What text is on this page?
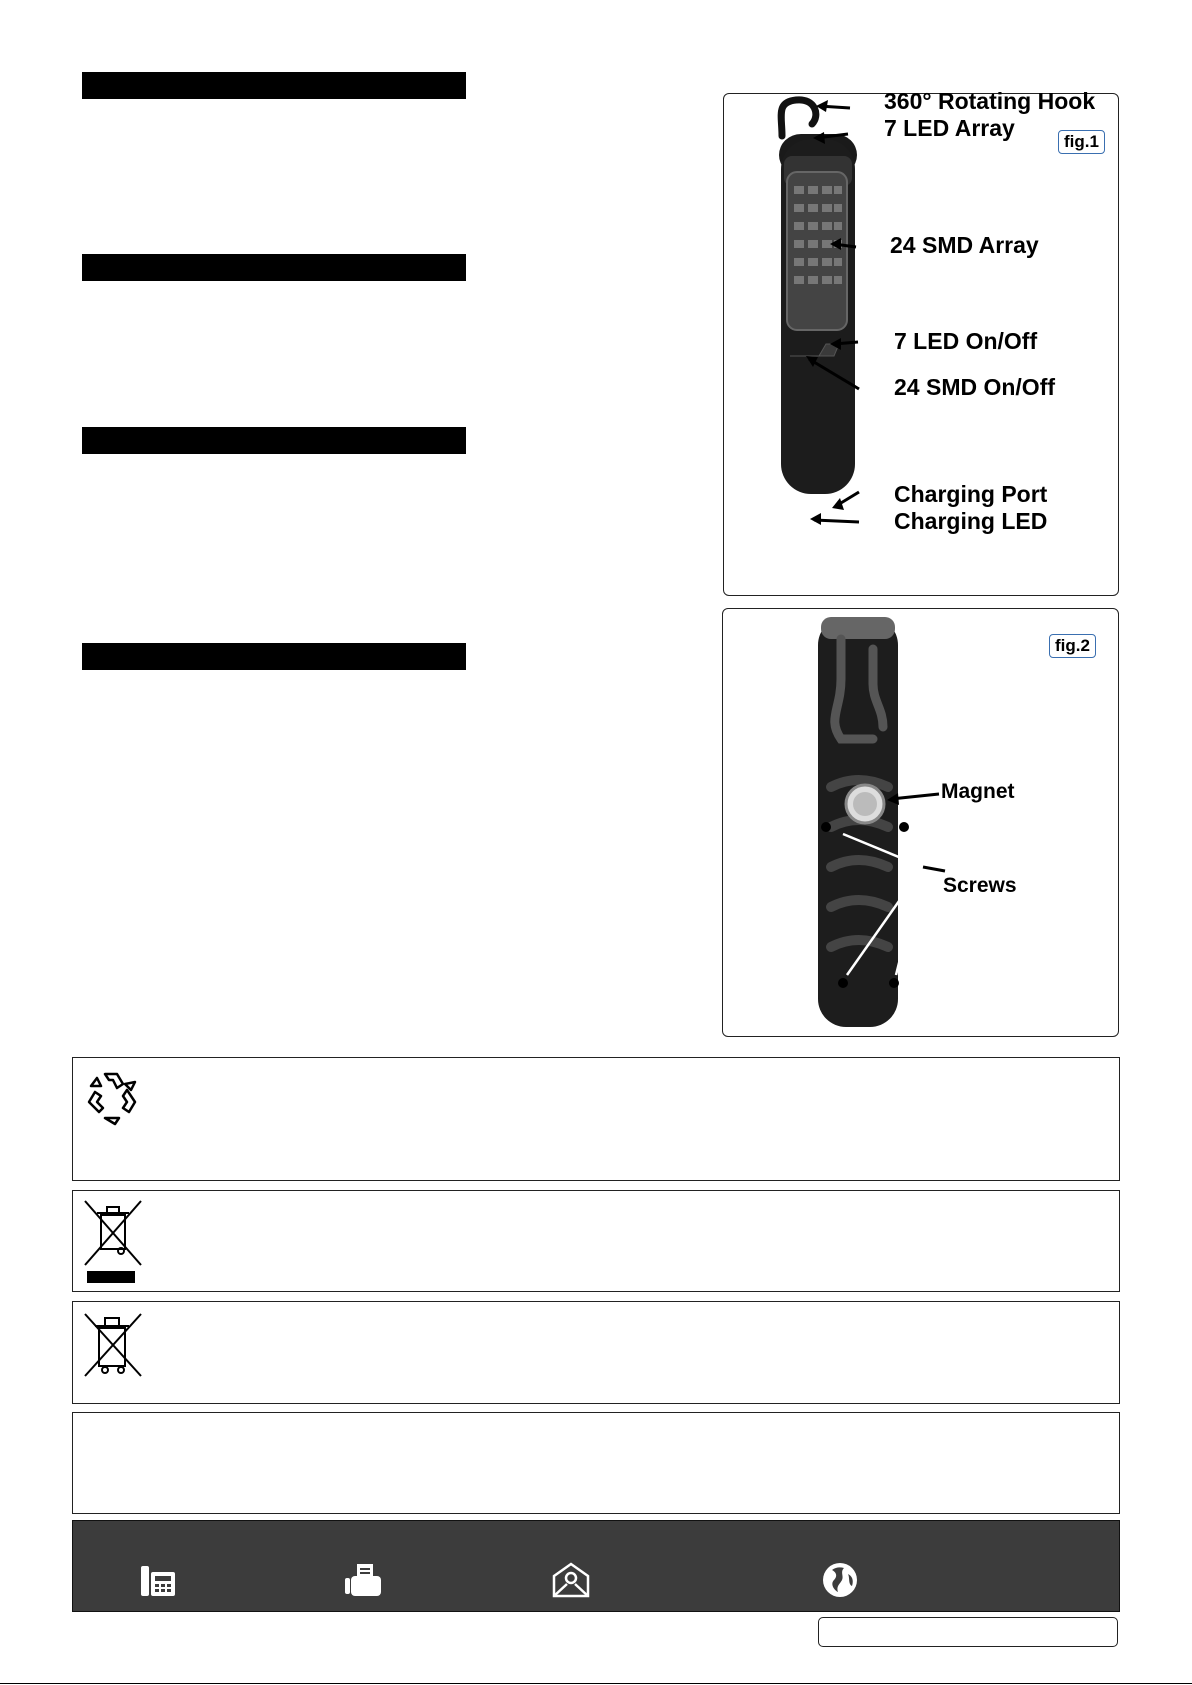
360° Rotating Hook
7 LED Array
fig.1
24 SMD Array
7 LED On/Off
24 SMD On/Off
Charging Port
Charging LED
fig.2
Magnet
Screws
